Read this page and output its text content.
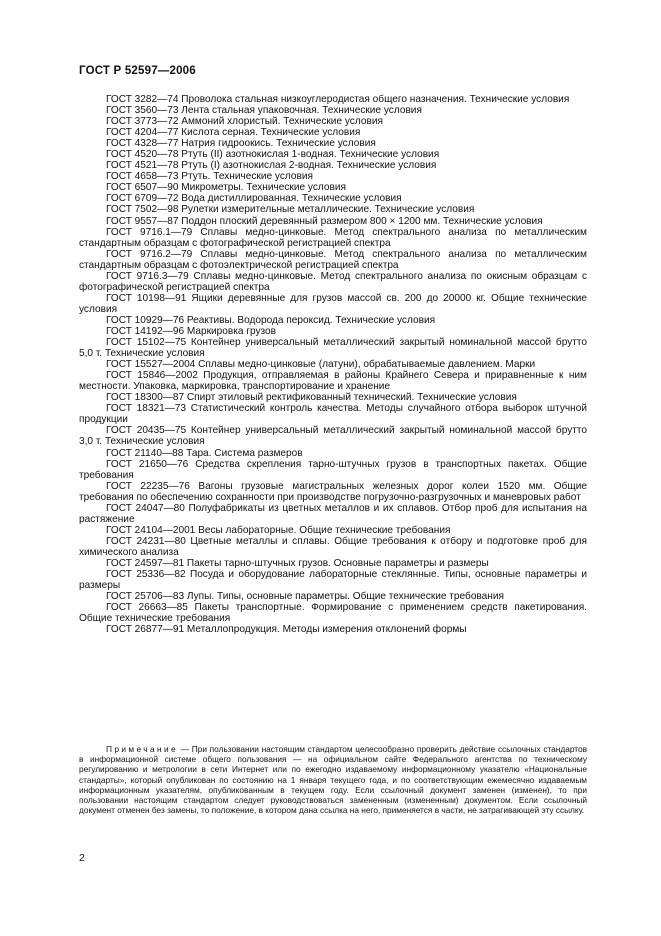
ГОСТ Р 52597—2006

ГОСТ 3282—74 Проволока стальная низкоуглеродистая общего назначения. Технические условия

ГОСТ 3560—73 Лента стальная упаковочная. Технические условия

ГОСТ 3773—72 Аммоний хлористый. Технические условия

ГОСТ 4204—77 Кислота серная. Технические условия

ГОСТ 4328—77 Натрия гидроокись. Технические условия

ГОСТ 4520—78 Ртуть (II) азотнокислая 1-водная. Технические условия

ГОСТ 4521—78 Ртуть (I) азотнокислая 2-водная. Технические условия

ГОСТ 4658—73 Ртуть. Технические условия

ГОСТ 6507—90 Микрометры. Технические условия

ГОСТ 6709—72 Вода дистиллированная. Технические условия

ГОСТ 7502—98 Рулетки измерительные металлические. Технические условия

ГОСТ 9557—87 Поддон плоский деревянный размером 800 × 1200 мм. Технические условия

ГОСТ 9716.1—79 Сплавы медно-цинковые. Метод спектрального анализа по металлическим стандартным образцам с фотографической регистрацией спектра

ГОСТ 9716.2—79 Сплавы медно-цинковые. Метод спектрального анализа по металлическим стандартным образцам с фотоэлектрической регистрацией спектра

ГОСТ 9716.3—79 Сплавы медно-цинковые. Метод спектрального анализа по окисным образцам с фотографической регистрацией спектра

ГОСТ 10198—91 Ящики деревянные для грузов массой св. 200 до 20000 кг. Общие технические условия

ГОСТ 10929—76 Реактивы. Водорода пероксид. Технические условия

ГОСТ 14192—96 Маркировка грузов

ГОСТ 15102—75 Контейнер универсальный металлический закрытый номинальной массой брутто 5,0 т. Технические условия

ГОСТ 15527—2004 Сплавы медно-цинковые (латуни), обрабатываемые давлением. Марки

ГОСТ 15846—2002 Продукция, отправляемая в районы Крайнего Севера и приравненные к ним местности. Упаковка, маркировка, транспортирование и хранение

ГОСТ 18300—87 Спирт этиловый ректификованный технический. Технические условия

ГОСТ 18321—73 Статистический контроль качества. Методы случайного отбора выборок штучной продукции

ГОСТ 20435—75 Контейнер универсальный металлический закрытый номинальной массой брутто 3,0 т. Технические условия

ГОСТ 21140—88 Тара. Система размеров

ГОСТ 21650—76 Средства скрепления тарно-штучных грузов в транспортных пакетах. Общие требования

ГОСТ 22235—76 Вагоны грузовые магистральных железных дорог колеи 1520 мм. Общие требования по обеспечению сохранности при производстве погрузочно-разгрузочных и маневровых работ

ГОСТ 24047—80 Полуфабрикаты из цветных металлов и их сплавов. Отбор проб для испытания на растяжение

ГОСТ 24104—2001 Весы лабораторные. Общие технические требования

ГОСТ 24231—80 Цветные металлы и сплавы. Общие требования к отбору и подготовке проб для химического анализа

ГОСТ 24597—81 Пакеты тарно-штучных грузов. Основные параметры и размеры

ГОСТ 25336—82 Посуда и оборудование лабораторные стеклянные. Типы, основные параметры и размеры

ГОСТ 25706—83 Лупы. Типы, основные параметры. Общие технические требования

ГОСТ 26663—85 Пакеты транспортные. Формирование с применением средств пакетирования. Общие технические требования

ГОСТ 26877—91 Металлопродукция. Методы измерения отклонений формы

Примечание — При пользовании настоящим стандартом целесообразно проверить действие ссылочных стандартов в информационной системе общего пользования — на официальном сайте Федерального агентства по техническому регулированию и метрологии в сети Интернет или по ежегодно издаваемому информационному указателю «Национальные стандарты», который опубликован по состоянию на 1 января текущего года, и по соответствующим ежемесячно издаваемым информационным указателям, опубликованным в текущем году. Если ссылочный документ заменен (изменен), то при пользовании настоящим стандартом следует руководствоваться замененным (измененным) документом. Если ссылочный документ отменен без замены, то положение, в котором дана ссылка на него, применяется в части, не затрагивающей эту ссылку.

2
